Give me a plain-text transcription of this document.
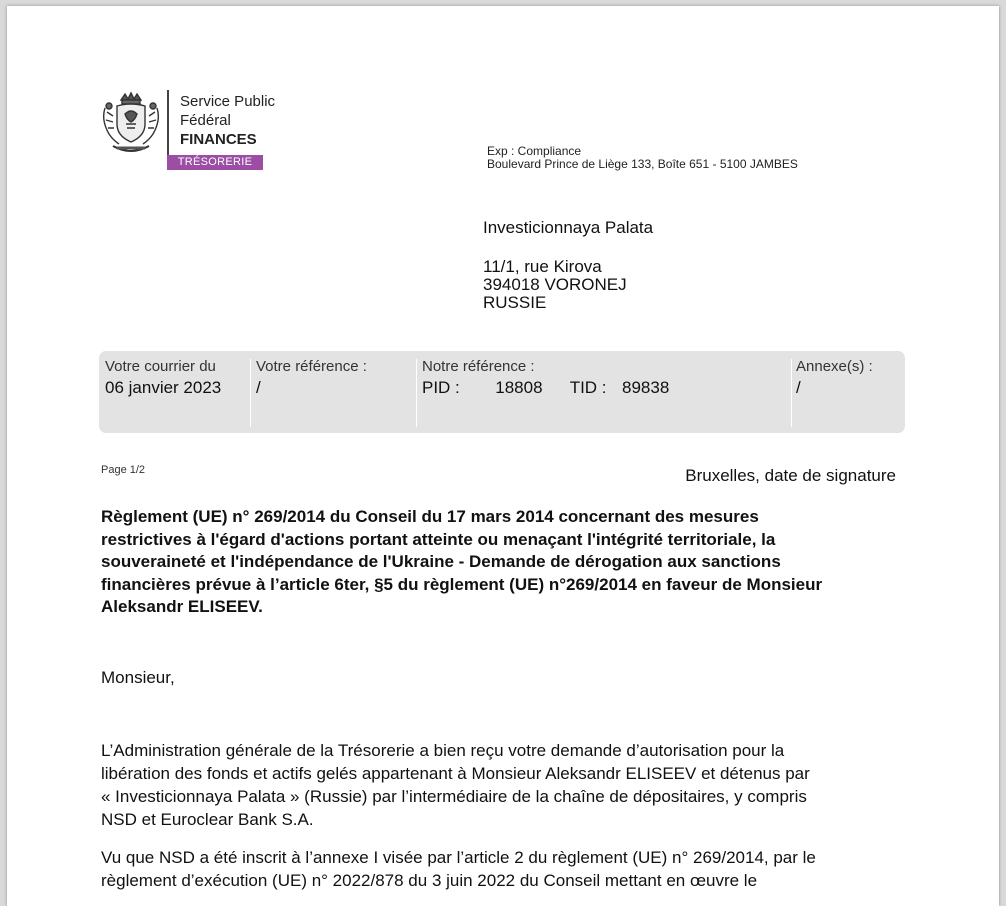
Service Public
Fédéral
FINANCES
TRÉSORERIE
Exp : Compliance
Boulevard Prince de Liège 133, Boîte 651 - 5100 JAMBES
Investicionnaya Palata
11/1, rue Kirova
394018 VORONEJ
RUSSIE
Votre courrier du
06 janvier 2023
Votre référence :
/
Notre référence :
PID : 18808 TID : 89838
Annexe(s) :
/
Page 1/2	Bruxelles, date de signature
Règlement (UE) n° 269/2014 du Conseil du 17 mars 2014 concernant des mesures
restrictives à l'égard d'actions portant atteinte ou menaçant l'intégrité territoriale, la
souveraineté et l'indépendance de l'Ukraine - Demande de dérogation aux sanctions
financières prévue à l’article 6ter, §5 du règlement (UE) n°269/2014 en faveur de Monsieur
Aleksandr ELISEEV.
Monsieur,
L’Administration générale de la Trésorerie a bien reçu votre demande d’autorisation pour la
libération des fonds et actifs gelés appartenant à Monsieur Aleksandr ELISEEV et détenus par
« Investicionnaya Palata » (Russie) par l’intermédiaire de la chaîne de dépositaires, y compris
NSD et Euroclear Bank S.A.
Vu que NSD a été inscrit à l’annexe I visée par l’article 2 du règlement (UE) n° 269/2014, par le
règlement d’exécution (UE) n° 2022/878 du 3 juin 2022 du Conseil mettant en œuvre le
